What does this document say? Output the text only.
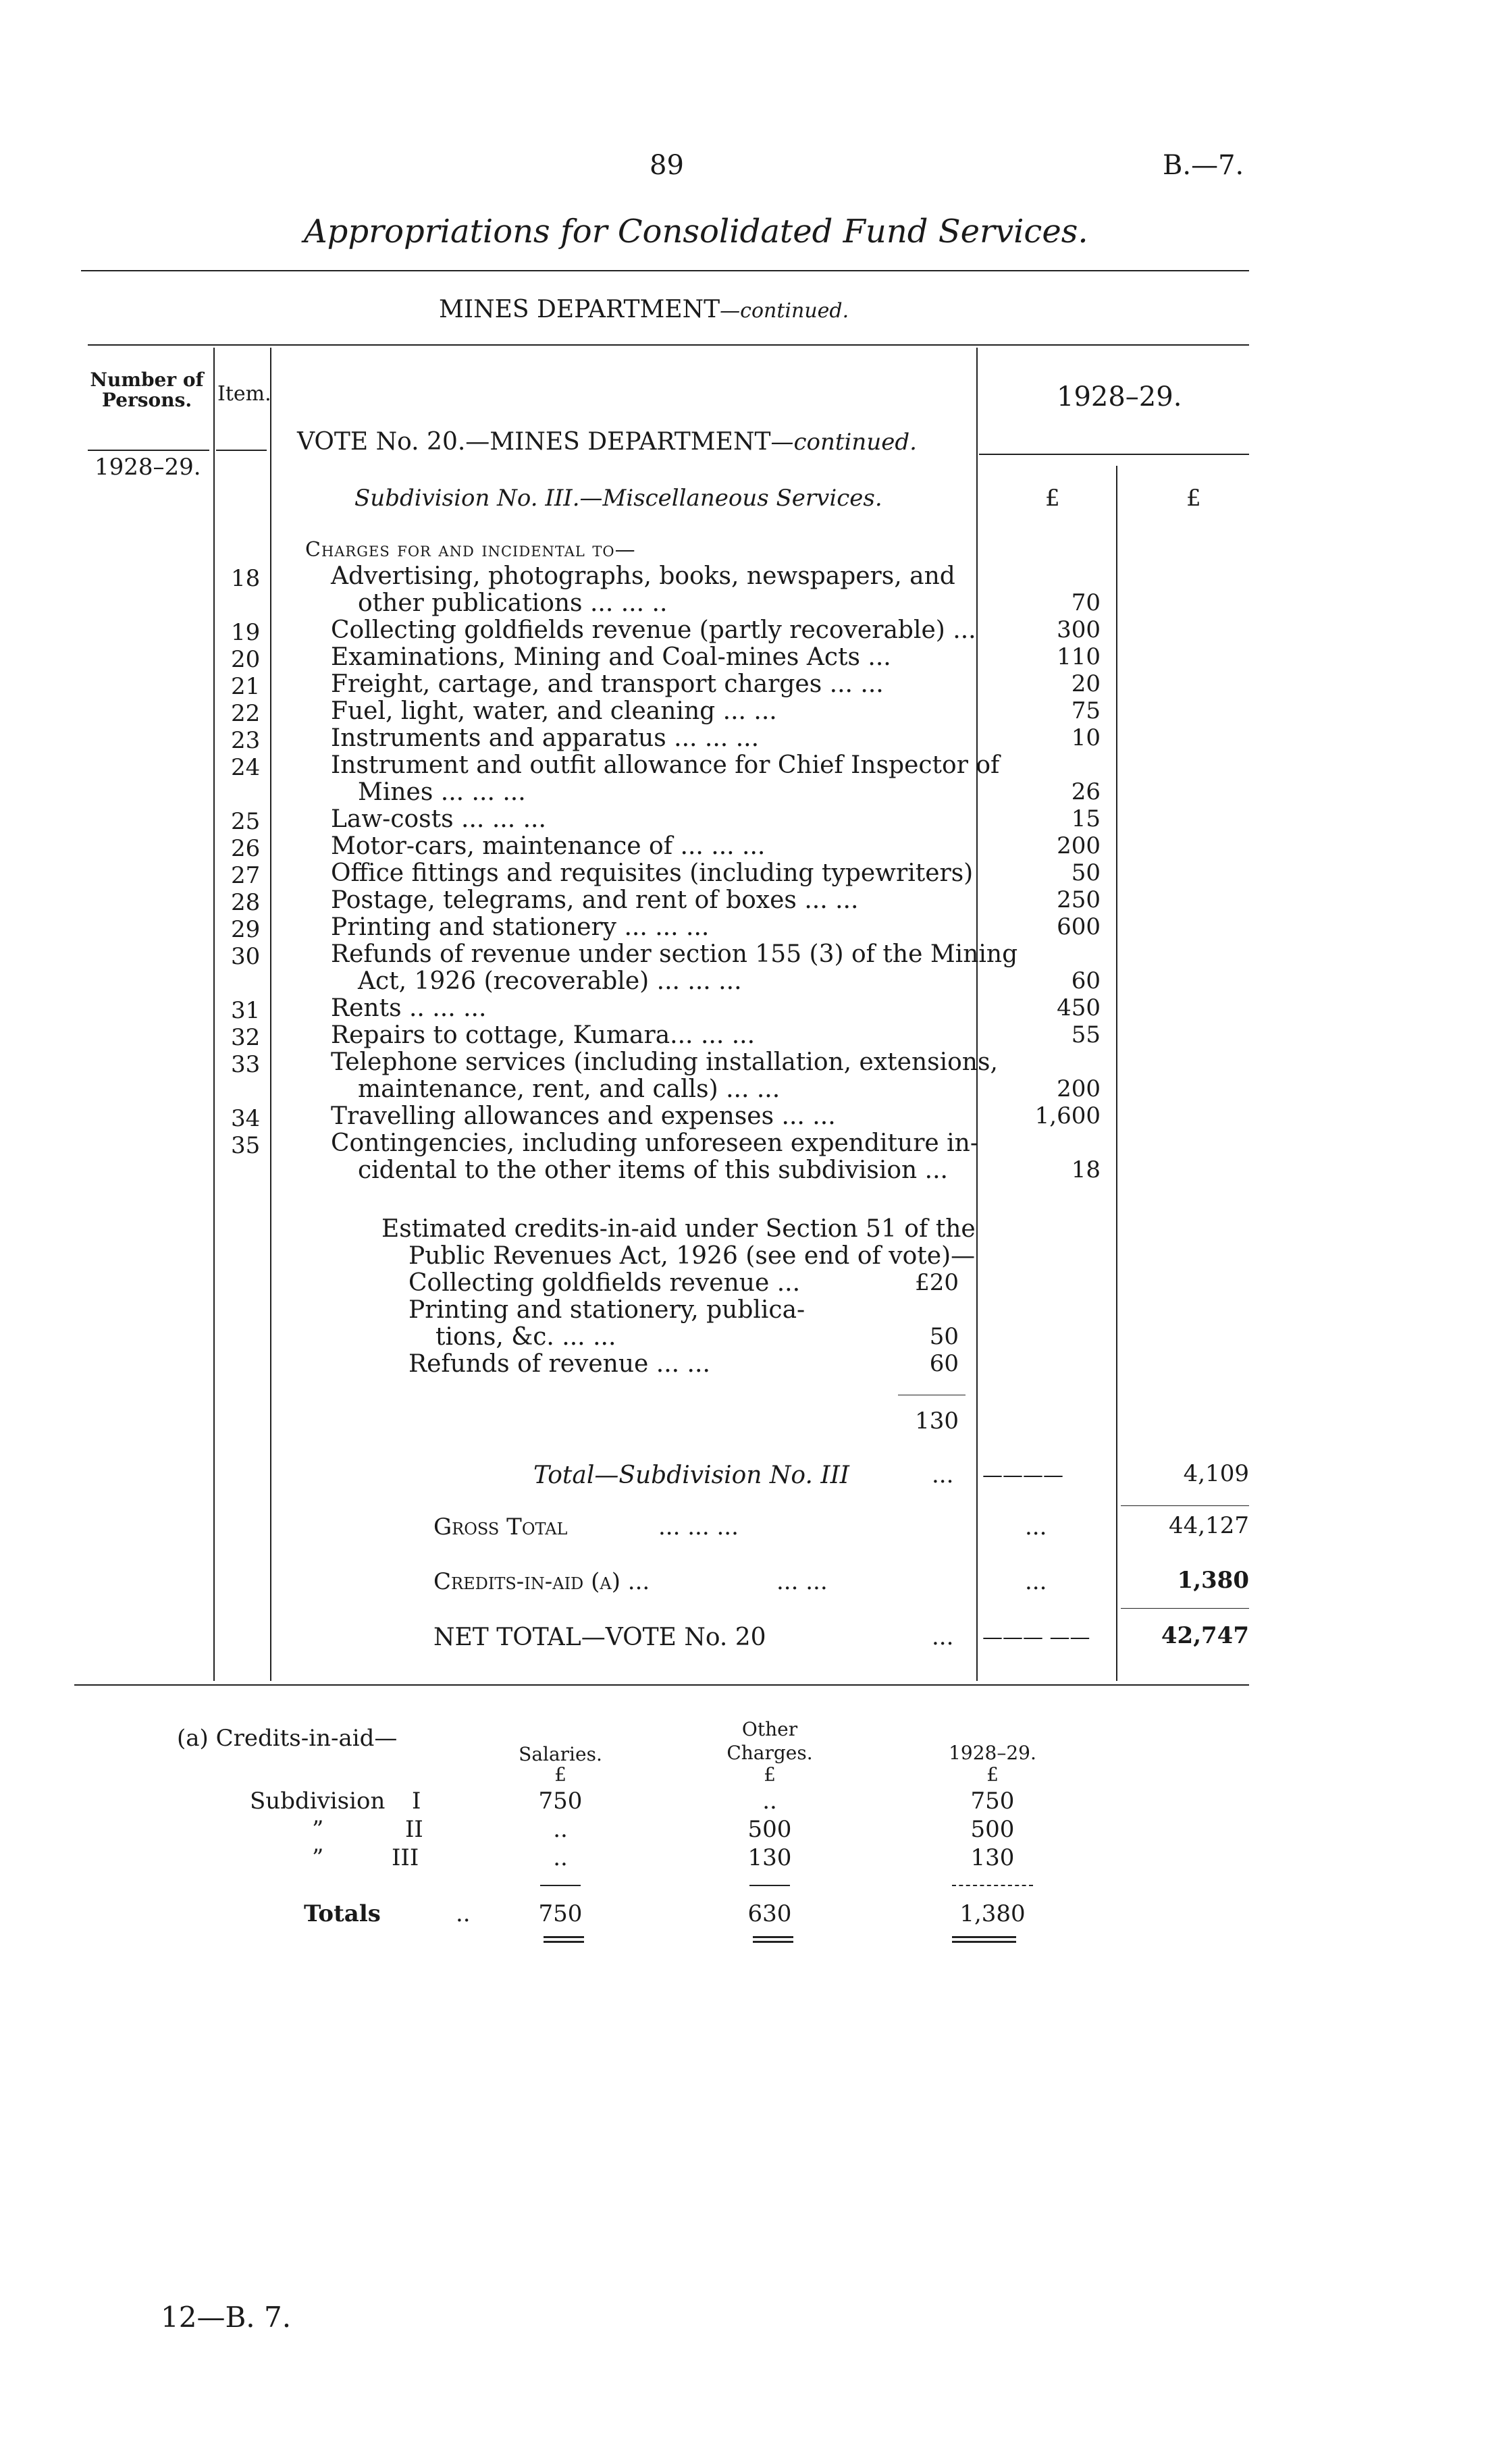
89	B.—7.
Appropriations for Consolidated Fund Services.
MINES DEPARTMENT—continued.
Number of Persons.	Item.	1928–29.
1928–29.
VOTE No. 20.—MINES DEPARTMENT—continued.
Subdivision No. III.—Miscellaneous Services.	£	£
Charges for and incidental to—
18	Advertising, photographs, books, newspapers, and
other publications ... ... ..	70
19	Collecting goldfields revenue (partly recoverable) ...	300
20	Examinations, Mining and Coal-mines Acts ...	110
21	Freight, cartage, and transport charges ... ...	20
22	Fuel, light, water, and cleaning ... ...	75
23	Instruments and apparatus ... ... ...	10
24	Instrument and outfit allowance for Chief Inspector of
Mines ... ... ...	26
25	Law-costs ... ... ...	15
26	Motor-cars, maintenance of ... ... ...	200
27	Office fittings and requisites (including typewriters)	50
28	Postage, telegrams, and rent of boxes ... ...	250
29	Printing and stationery ... ... ...	600
30	Refunds of revenue under section 155 (3) of the Mining
Act, 1926 (recoverable) ... ... ...	60
31	Rents .. ... ...	450
32	Repairs to cottage, Kumara... ... ...	55
33	Telephone services (including installation, extensions,
maintenance, rent, and calls) ... ...	200
34	Travelling allowances and expenses ... ...	1,600
35	Contingencies, including unforeseen expenditure in-
cidental to the other items of this subdivision ...	18
Estimated credits-in-aid under Section 51 of the
Public Revenues Act, 1926 (see end of vote)—
Collecting goldfields revenue ...	£20
Printing and stationery, publica-
tions, &c. ... ...	50
Refunds of revenue ... ...	60
130
Total—Subdivision No. III	... ————	4,109
Gross Total	... ... ...	...	44,127
Credits-in-aid (a) ...	... ...	...	1,380
NET TOTAL—VOTE No. 20	... ——— ——	42,747
(a) Credits-in-aid—
Salaries.
Other
Charges.	1928–29.
£	£	£
Subdivision I	750	..	750
”	II	..	500	500
”	III	..	130	130
Totals	..	750	630	1,380
12—B. 7.
